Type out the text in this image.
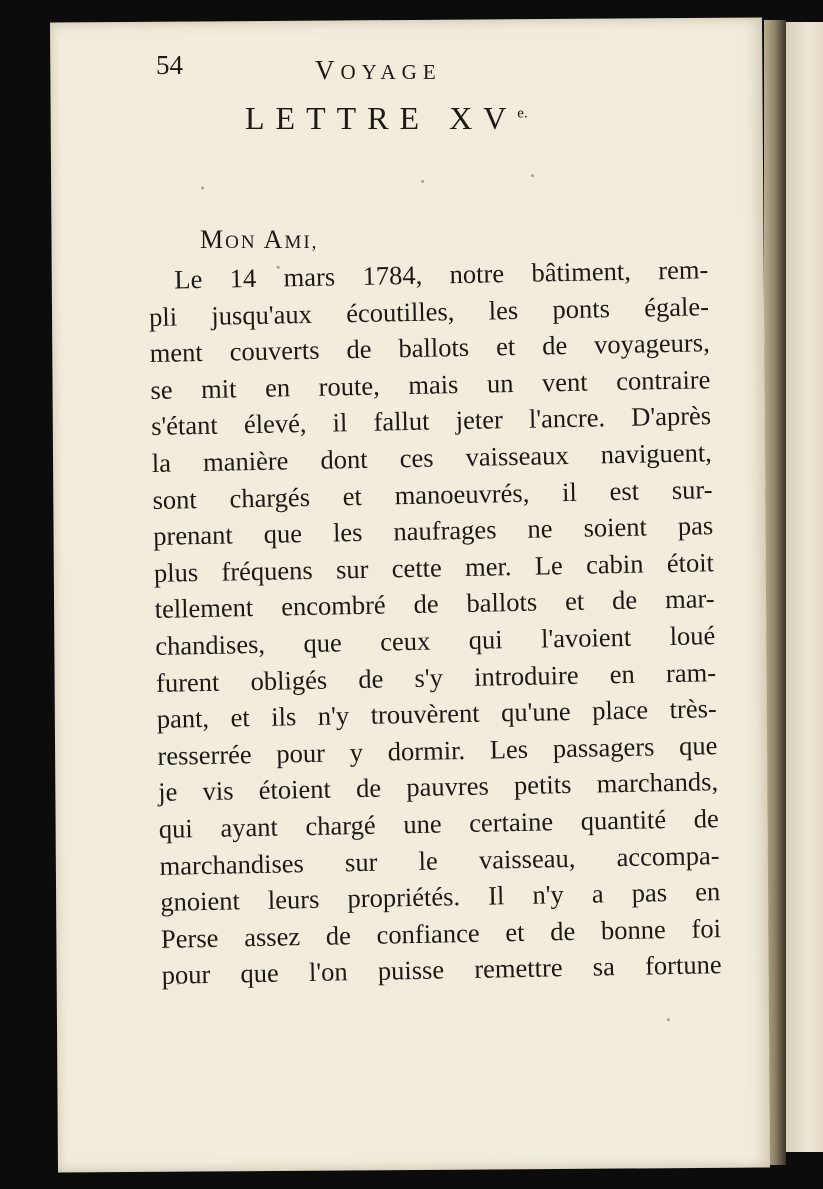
54	VOYAGE
LETTRE $XV^{e.}$
MON AMI,
Le 14 mars 1784, notre bâtiment, rem-
pli jusqu'aux écoutilles, les ponts égale-
ment couverts de ballots et de voyageurs,
se mit en route, mais un vent contraire
s'étant élevé, il fallut jeter l'ancre. D'après
la manière dont ces vaisseaux naviguent,
sont chargés et manoeuvrés, il est sur-
prenant que les naufrages ne soient pas
plus fréquens sur cette mer. Le cabin étoit
tellement encombré de ballots et de mar-
chandises, que ceux qui l'avoient loué
furent obligés de s'y introduire en ram-
pant, et ils n'y trouvèrent qu'une place très-
resserrée pour y dormir. Les passagers que
je vis étoient de pauvres petits marchands,
qui ayant chargé une certaine quantité de
marchandises sur le vaisseau, accompa-
gnoient leurs propriétés. Il n'y a pas en
Perse assez de confiance et de bonne foi
pour que l'on puisse remettre sa fortune
